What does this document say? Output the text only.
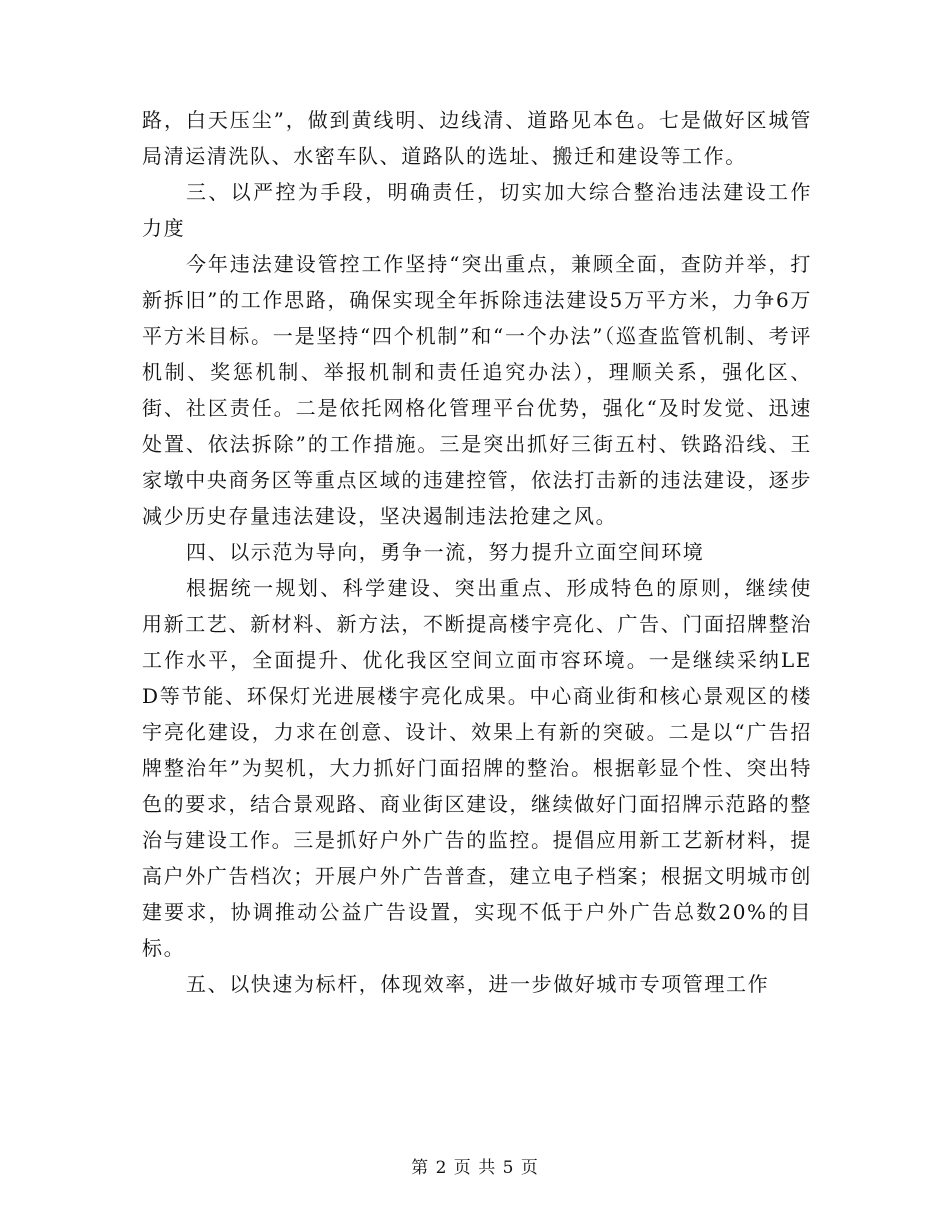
路，白天压尘”，做到黄线明、边线清、道路见本色。七是做好区城管局清运清洗队、水密车队、道路队的选址、搬迁和建设等工作。

三、以严控为手段，明确责任，切实加大综合整治违法建设工作力度

今年违法建设管控工作坚持“突出重点，兼顾全面，查防并举，打新拆旧”的工作思路，确保实现全年拆除违法建设5万平方米，力争6万平方米目标。一是坚持“四个机制”和“一个办法”（巡查监管机制、考评机制、奖惩机制、举报机制和责任追究办法），理顺关系，强化区、街、社区责任。二是依托网格化管理平台优势，强化“及时发觉、迅速处置、依法拆除”的工作措施。三是突出抓好三街五村、铁路沿线、王家墩中央商务区等重点区域的违建控管，依法打击新的违法建设，逐步减少历史存量违法建设，坚决遏制违法抢建之风。

四、以示范为导向，勇争一流，努力提升立面空间环境

根据统一规划、科学建设、突出重点、形成特色的原则，继续使用新工艺、新材料、新方法，不断提高楼宇亮化、广告、门面招牌整治工作水平，全面提升、优化我区空间立面市容环境。一是继续采纳LED等节能、环保灯光进展楼宇亮化成果。中心商业街和核心景观区的楼宇亮化建设，力求在创意、设计、效果上有新的突破。二是以“广告招牌整治年”为契机，大力抓好门面招牌的整治。根据彰显个性、突出特色的要求，结合景观路、商业街区建设，继续做好门面招牌示范路的整治与建设工作。三是抓好户外广告的监控。提倡应用新工艺新材料，提高户外广告档次；开展户外广告普查，建立电子档案；根据文明城市创建要求，协调推动公益广告设置，实现不低于户外广告总数20%的目标。

五、以快速为标杆，体现效率，进一步做好城市专项管理工作

第 2 页 共 5 页
